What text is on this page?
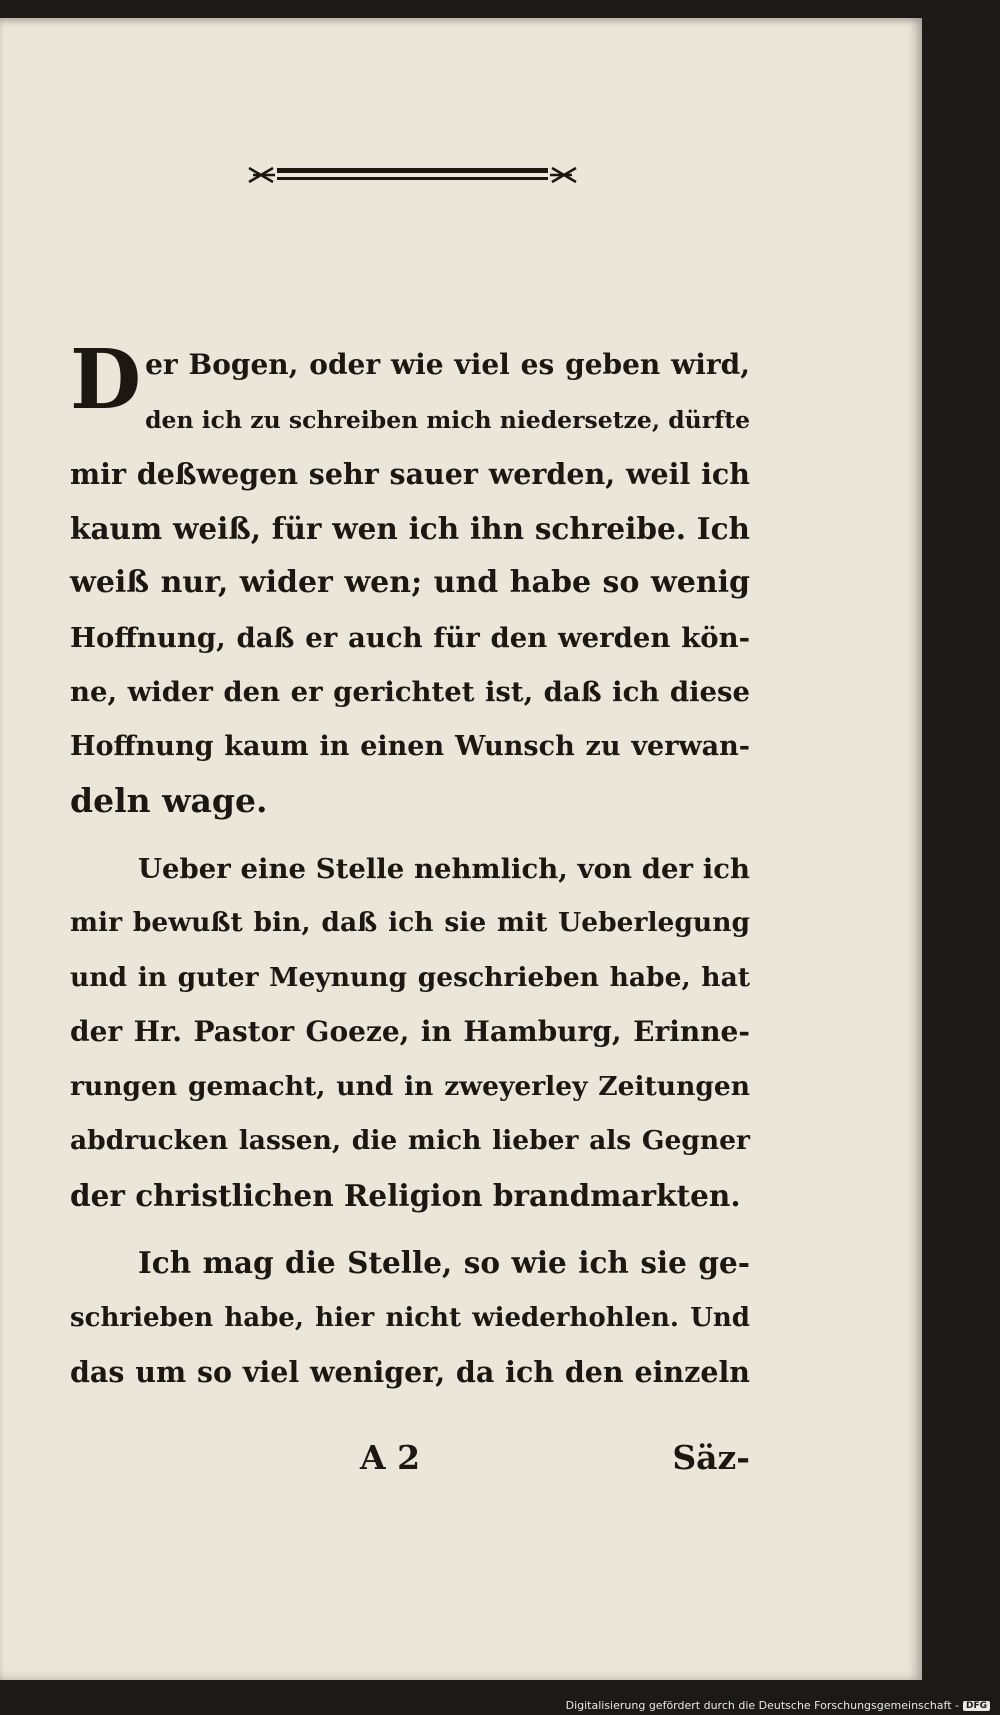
D er Bogen, oder wie viel es geben wird,
den ich zu schreiben mich niedersetze, dürfte
mir deßwegen sehr sauer werden, weil ich
kaum weiß, für wen ich ihn schreibe. Ich
weiß nur, wider wen; und habe so wenig
Hoffnung, daß er auch für den werden kön-
ne, wider den er gerichtet ist, daß ich diese
Hoffnung kaum in einen Wunsch zu verwan-
deln wage.
Ueber eine Stelle nehmlich, von der ich
mir bewußt bin, daß ich sie mit Ueberlegung
und in guter Meynung geschrieben habe, hat
der Hr. Pastor Goeze, in Hamburg, Erinne-
rungen gemacht, und in zweyerley Zeitungen
abdrucken lassen, die mich lieber als Gegner
der christlichen Religion brandmarkten.
Ich mag die Stelle, so wie ich sie ge-
schrieben habe, hier nicht wiederhohlen. Und
das um so viel weniger, da ich den einzeln
A 2	Säz-
Digitalisierung gefördert durch die Deutsche Forschungsgemeinschaft - DFG
